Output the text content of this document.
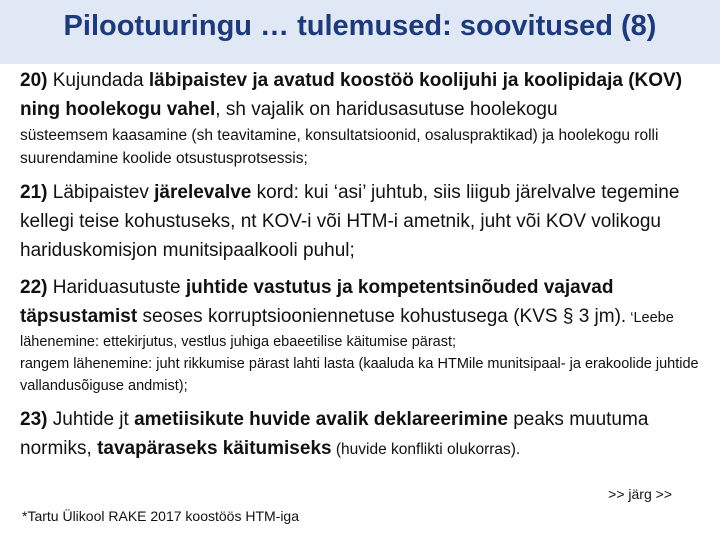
Pilootuuringu … tulemused: soovitused (8)

20) Kujundada läbipaistev ja avatud koostöö koolijuhi ja koolipidaja (KOV) ning hoolekogu vahel, sh vajalik on haridusasutuse hoolekogu
süsteemsem kaasamine (sh teavitamine, konsultatsioonid, osaluspraktikad) ja hoolekogu rolli suurendamine koolide otsustusprotsessis;

21) Läbipaistev järelevalve kord: kui ‘asi’ juhtub, siis liigub järelvalve tegemine kellegi teise kohustuseks, nt KOV-i või HTM-i ametnik, juht või KOV volikogu hariduskomisjon munitsipaalkooli puhul;

22) Hariduasutuste juhtide vastutus ja kompetentsinõuded vajavad täpsustamist seoses korruptsiooniennetuse kohustusega (KVS § 3 jm). ‘Leebe lähenemine: ettekirjutus, vestlus juhiga ebaeetilise käitumise pärast;
rangem lähenemine: juht rikkumise pärast lahti lasta (kaaluda ka HTMile munitsipaal- ja erakoolide juhtide vallandusõiguse andmist);

23) Juhtide jt ametiisikute huvide avalik deklareerimine peaks muutuma normiks, tavapäraseks käitumiseks (huvide konflikti olukorras).

>> järg >>
*Tartu Ülikool RAKE 2017 koostöös HTM-iga
